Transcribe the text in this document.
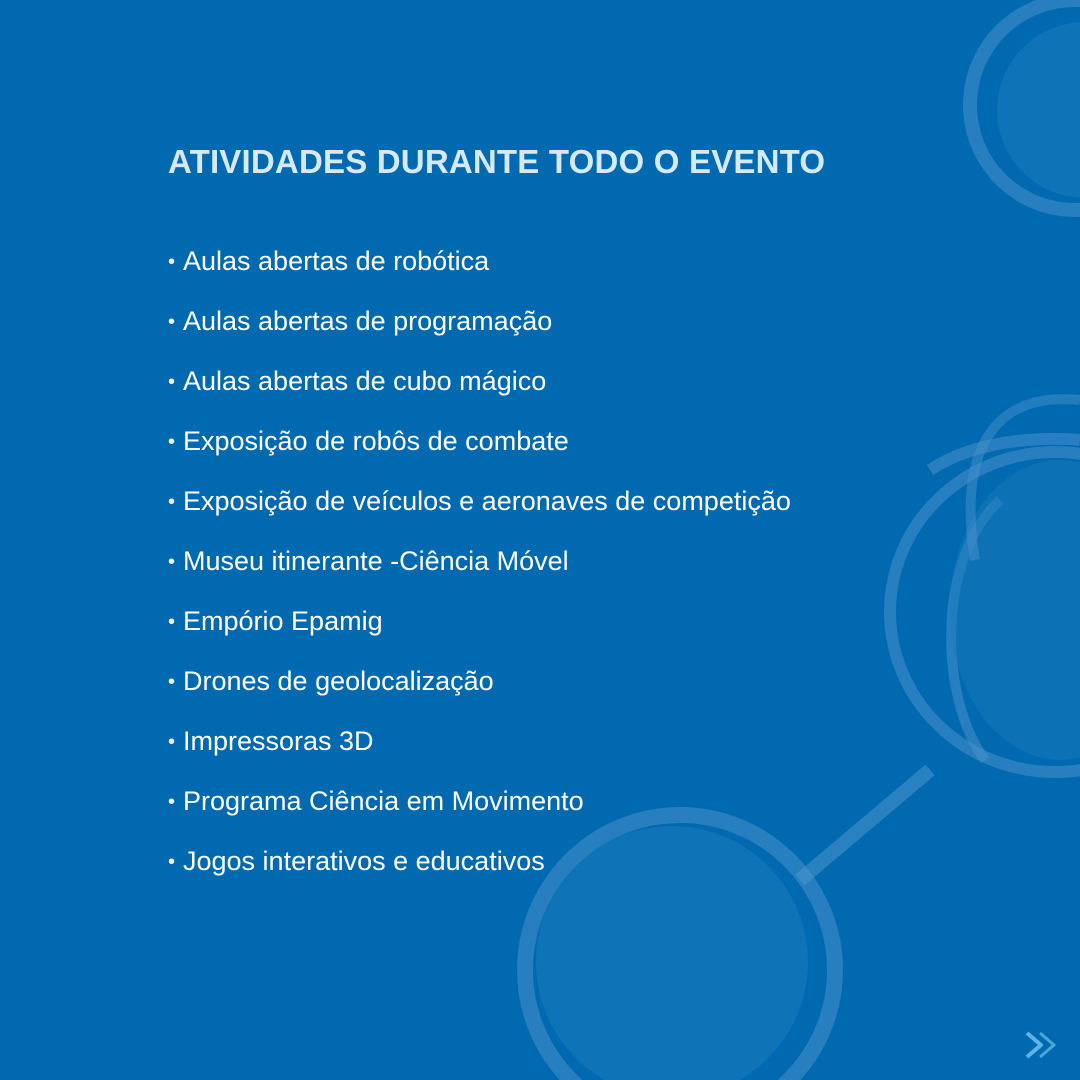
ATIVIDADES DURANTE TODO O EVENTO
• Aulas abertas de robótica
• Aulas abertas de programação
• Aulas abertas de cubo mágico
• Exposição de robôs de combate
• Exposição de veículos e aeronaves de competição
• Museu itinerante -Ciência Móvel
• Empório Epamig
• Drones de geolocalização
• Impressoras 3D
• Programa Ciência em Movimento
• Jogos interativos e educativos
